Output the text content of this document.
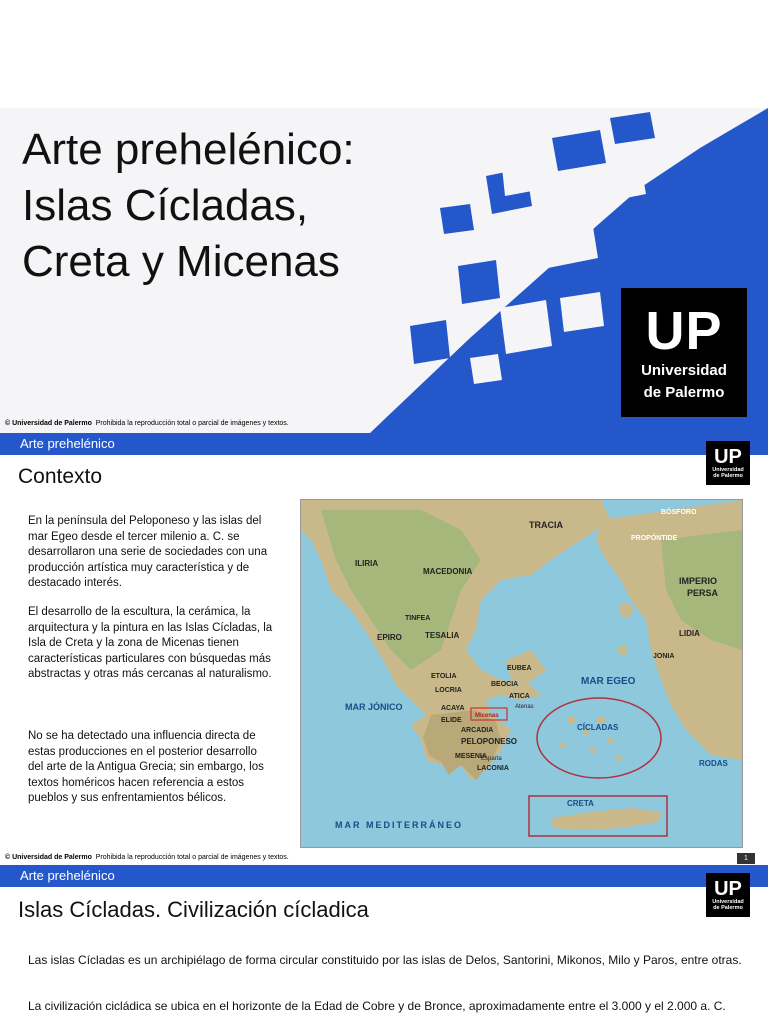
Arte prehelénico:
Islas Cícladas,
Creta y Micenas
UP
Universidad
de Palermo
© Universidad de Palermo Prohibida la reproducción total o parcial de imágenes y textos.
Arte prehelénico
UP
Universidad
de Palermo
Contexto
En la península del Peloponeso y las islas del mar Egeo desde el tercer milenio a. C. se desarrollaron una serie de sociedades con una producción artística muy característica y de destacado interés.
El desarrollo de la escultura, la cerámica, la arquitectura y la pintura en las Islas Cícladas, la Isla de Creta y la zona de Micenas tienen características particulares con búsquedas más abstractas y otras más cercanas al naturalismo.
No se ha detectado una influencia directa de estas producciones en el posterior desarrollo del arte de la Antigua Grecia; sin embargo, los textos homéricos hacen referencia a estos pueblos y sus enfrentamientos bélicos.
TRACIA
BÓSFORO
PROPÓNTIDE
IMPERIO
PERSA
ILIRIA
MACEDONIA
LIDIA
JONIA
EPIRO	TESALIA
TINFEA
MAR EGEO
MAR JÓNICO
ETOLIA
LOCRIA
BEOCIA
ATICA
EUBEA
ACAYA
ELIDE
Micenas
ARCADIA
PELOPONESO
MESENIA
LACONIA
Esparta
Atenas
CÍCLADAS
RODAS
CRETA
MAR MEDITERRÁNEO
© Universidad de Palermo Prohibida la reproducción total o parcial de imágenes y textos.	1
Arte prehelénico
UP
Universidad
de Palermo
Islas Cícladas. Civilización cícladica
Las islas Cícladas es un archipiélago de forma circular constituido por las islas de Delos, Santorini, Mikonos, Milo y Paros, entre otras.
La civilización cicládica se ubica en el horizonte de la Edad de Cobre y de Bronce, aproximadamente entre el 3.000 y el 2.000 a. C.
